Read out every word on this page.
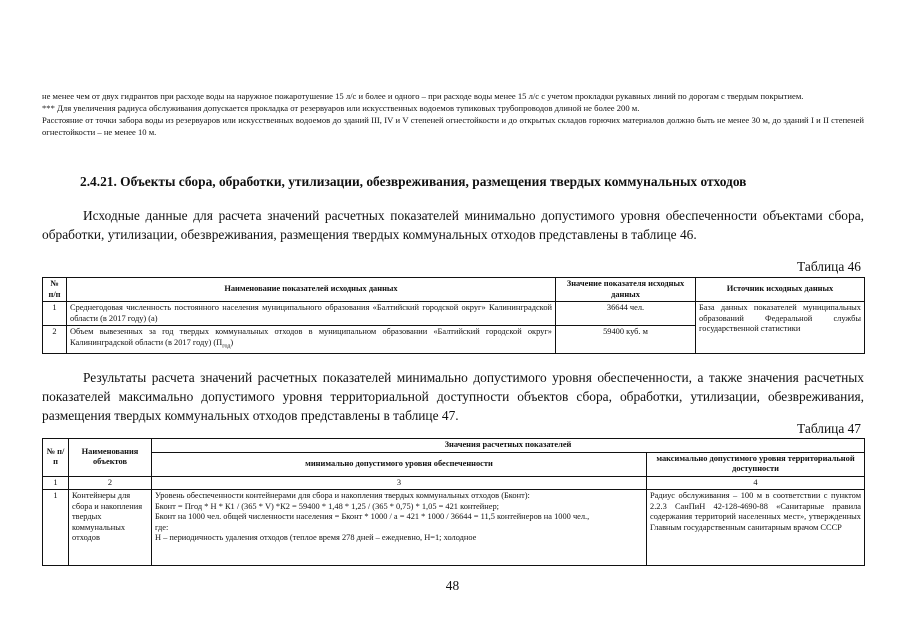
не менее чем от двух гидрантов при расходе воды на наружное пожаротушение 15 л/с и более и одного – при расходе воды менее 15 л/с с учетом прокладки рукавных линий по дорогам с твердым покрытием.

*** Для увеличения радиуса обслуживания допускается прокладка от резервуаров или искусственных водоемов тупиковых трубопроводов длиной не более 200 м.

Расстояние от точки забора воды из резервуаров или искусственных водоемов до зданий III, IV и V степеней огнестойкости и до открытых складов горючих материалов должно быть не менее 30 м, до зданий I и II степеней огнестойкости – не менее 10 м.

2.4.21. Объекты сбора, обработки, утилизации, обезвреживания, размещения твердых коммунальных отходов

Исходные данные для расчета значений расчетных показателей минимально допустимого уровня обеспеченности объектами сбора, обработки, утилизации, обезвреживания, размещения твердых коммунальных отходов представлены в таблице 46.

Таблица 46
№ п/п	Наименование показателей исходных данных	Значение показателя исходных данных	Источник исходных данных
1	Среднегодовая численность постоянного населения муниципального образования «Балтийский городской округ» Калининградской области (в 2017 году) (а)	36644 чел.	База данных показателей муниципальных образований Федеральной службы государственной статистики
2	Объем вывезенных за год твердых коммунальных отходов в муниципальном образовании «Балтийский городской округ» Калининградской области (в 2017 году) $(П_{год})$	59400 куб. м	

Результаты расчета значений расчетных показателей минимально допустимого уровня обеспеченности, а также значения расчетных показателей максимально допустимого уровня территориальной доступности объектов сбора, обработки, утилизации, обезвреживания, размещения твердых коммунальных отходов представлены в таблице 47.

Таблица 47
№ п/п	Наименования объектов	Значения расчетных показателей	
		минимально допустимого уровня обеспеченности	максимально допустимого уровня территориальной доступности
1	2	3	4
1	Контейнеры для сбора и накопления твердых коммунальных отходов	Уровень обеспеченности контейнерами для сбора и накопления твердых коммунальных отходов (Бконт):
Бконт = Пгод * Н * К1 / (365 * V) *К2 = 59400 * 1,48 * 1,25 / (365 * 0,75) * 1,05 = 421 контейнер;
Бконт на 1000 чел. общей численности населения = Бконт * 1000 / а = 421 * 1000 / 36644 = 11,5 контейнеров на 1000 чел.,
где:
Н – периодичность удаления отходов (теплое время 278 дней – ежедневно, Н=1; холодное	Радиус обслуживания – 100 м в соответствии с пунктом 2.2.3 СанПиН 42-128-4690-88 «Санитарные правила содержания территорий населенных мест», утвержденных Главным государственным санитарным врачом СССР
48
